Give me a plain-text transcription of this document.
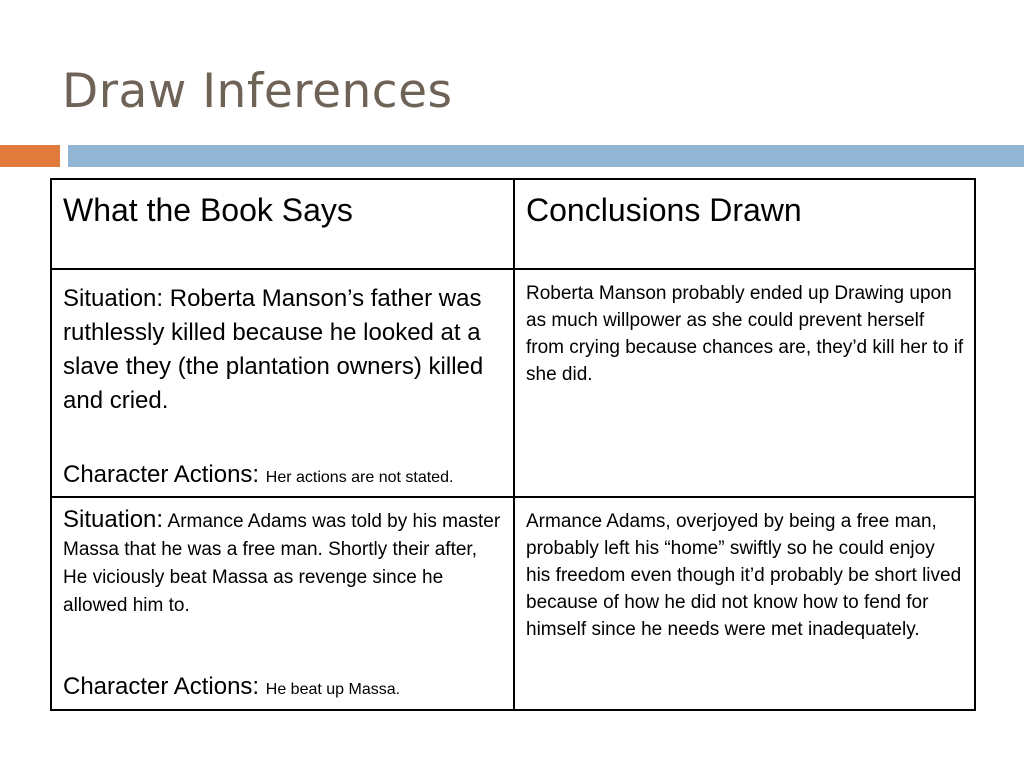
Draw Inferences
What the Book Says	Conclusions Drawn

Situation: Roberta Manson’s father was ruthlessly killed because he looked at a slave they (the plantation owners) killed and cried.
Character Actions: Her actions are not stated.	Roberta Manson probably ended up Drawing upon as much willpower as she could prevent herself from crying because chances are, they’d kill her to if she did.

Situation: Armance Adams was told by his master Massa that he was a free man. Shortly their after, He viciously beat Massa as revenge since he allowed him to.
Character Actions: He beat up Massa.	Armance Adams, overjoyed by being a free man, probably left his “home” swiftly so he could enjoy his freedom even though it’d probably be short lived because of how he did not know how to fend for himself since he needs were met inadequately.
